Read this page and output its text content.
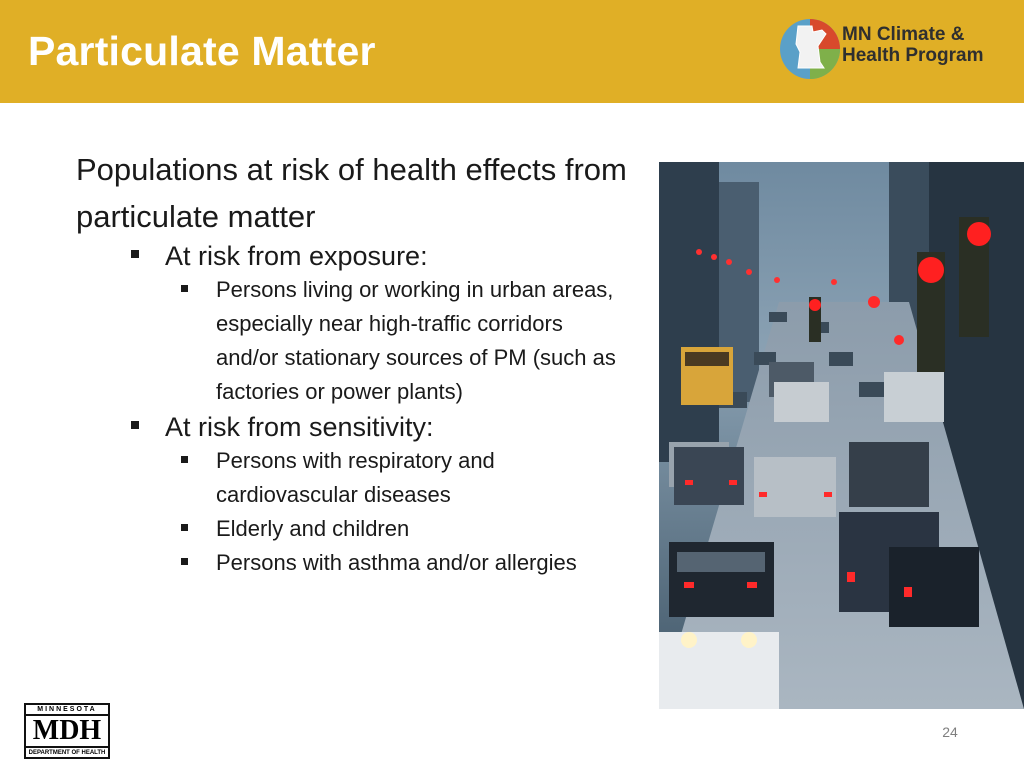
Particulate Matter	MN Climate &
Health Program

Populations at risk of health effects from particulate matter

At risk from exposure:
Persons living or working in urban areas, especially near high-traffic corridors and/or stationary sources of PM (such as factories or power plants)
At risk from sensitivity:
Persons with respiratory and cardiovascular diseases
Elderly and children
Persons with asthma and/or allergies
MINNESOTA
MDH
DEPARTMENT OF HEALTH
24
